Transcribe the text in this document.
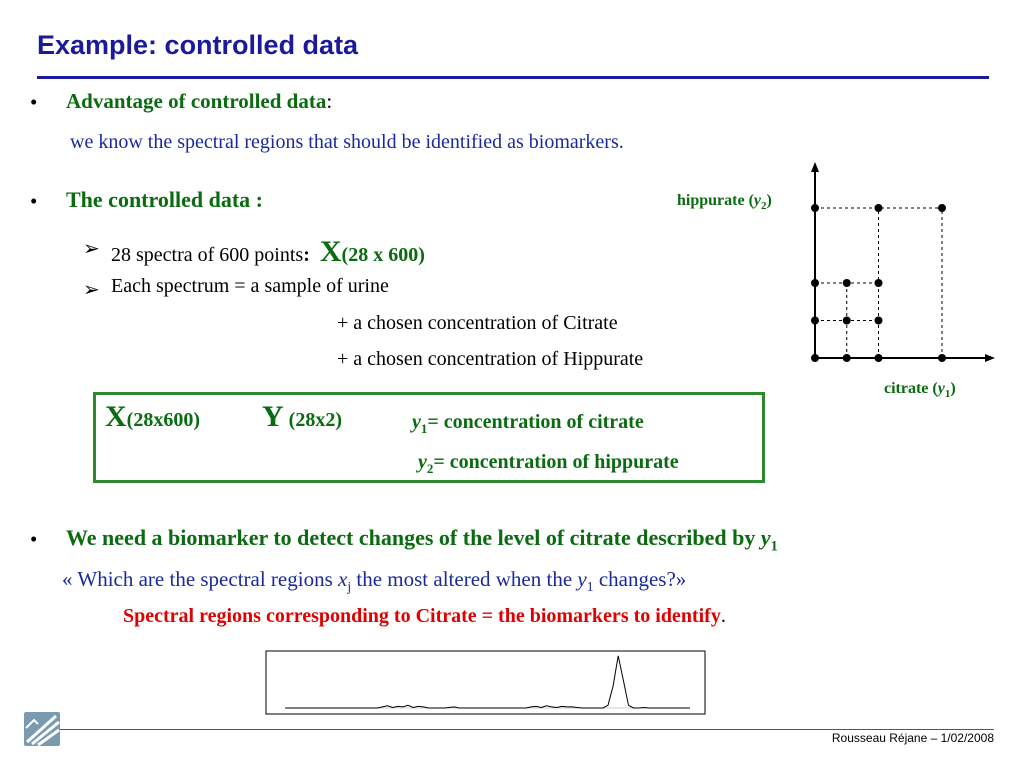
Example: controlled data
• Advantage of controlled data:
we know the spectral regions that should be identified as biomarkers.
• The controlled data :
➢ 28 spectra of 600 points: X(28 x 600)
➢ Each spectrum = a sample of urine
+ a chosen concentration of Citrate
+ a chosen concentration of Hippurate
hippurate $(y_2)$
citrate $(y_1)$
X(28x600) Y (28x2)	$y_1=$ concentration of citrate
$y_2=$ concentration of hippurate
• We need a biomarker to detect changes of the level of citrate described by $y_1$
« Which are the spectral regions $x_j$ the most altered when the $y_1$ changes?»
Spectral regions corresponding to Citrate = the biomarkers to identify.
Rousseau Réjane – 1/02/2008
